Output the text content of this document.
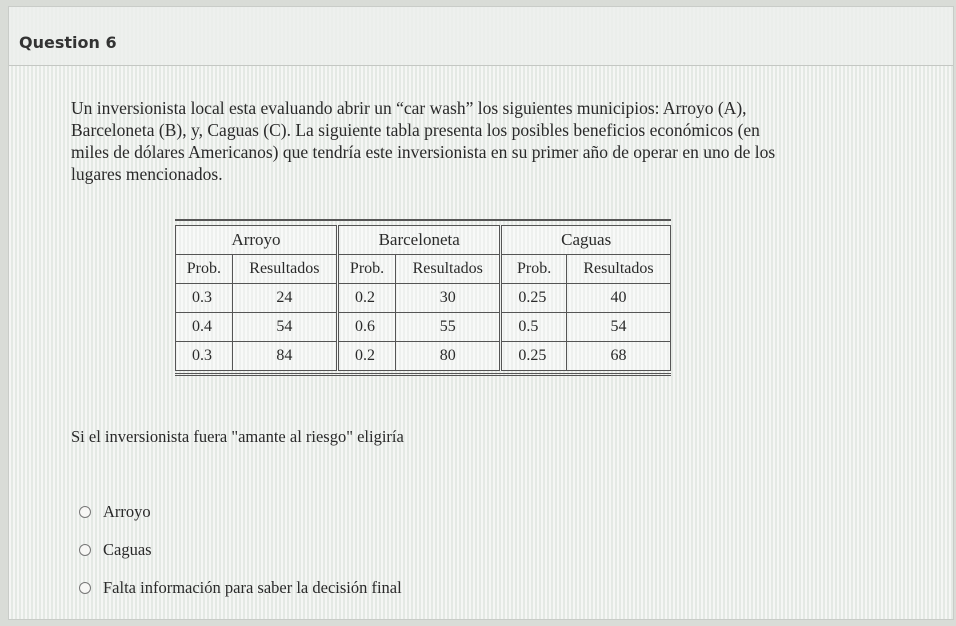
Question 6
Un inversionista local esta evaluando abrir un “car wash” los siguientes municipios: Arroyo (A), Barceloneta (B), y, Caguas (C). La siguiente tabla presenta los posibles beneficios económicos (en miles de dólares Americanos) que tendría este inversionista en su primer año de operar en uno de los lugares mencionados.
Arroyo		Barceloneta		Caguas	
Prob.	Resultados	Prob.	Resultados	Prob.	Resultados
0.3	24	0.2	30	0.25	40
0.4	54	0.6	55	0.5	54
0.3	84	0.2	80	0.25	68
Si el inversionista fuera "amante al riesgo" eligiría
Arroyo
Caguas
Falta información para saber la decisión final
